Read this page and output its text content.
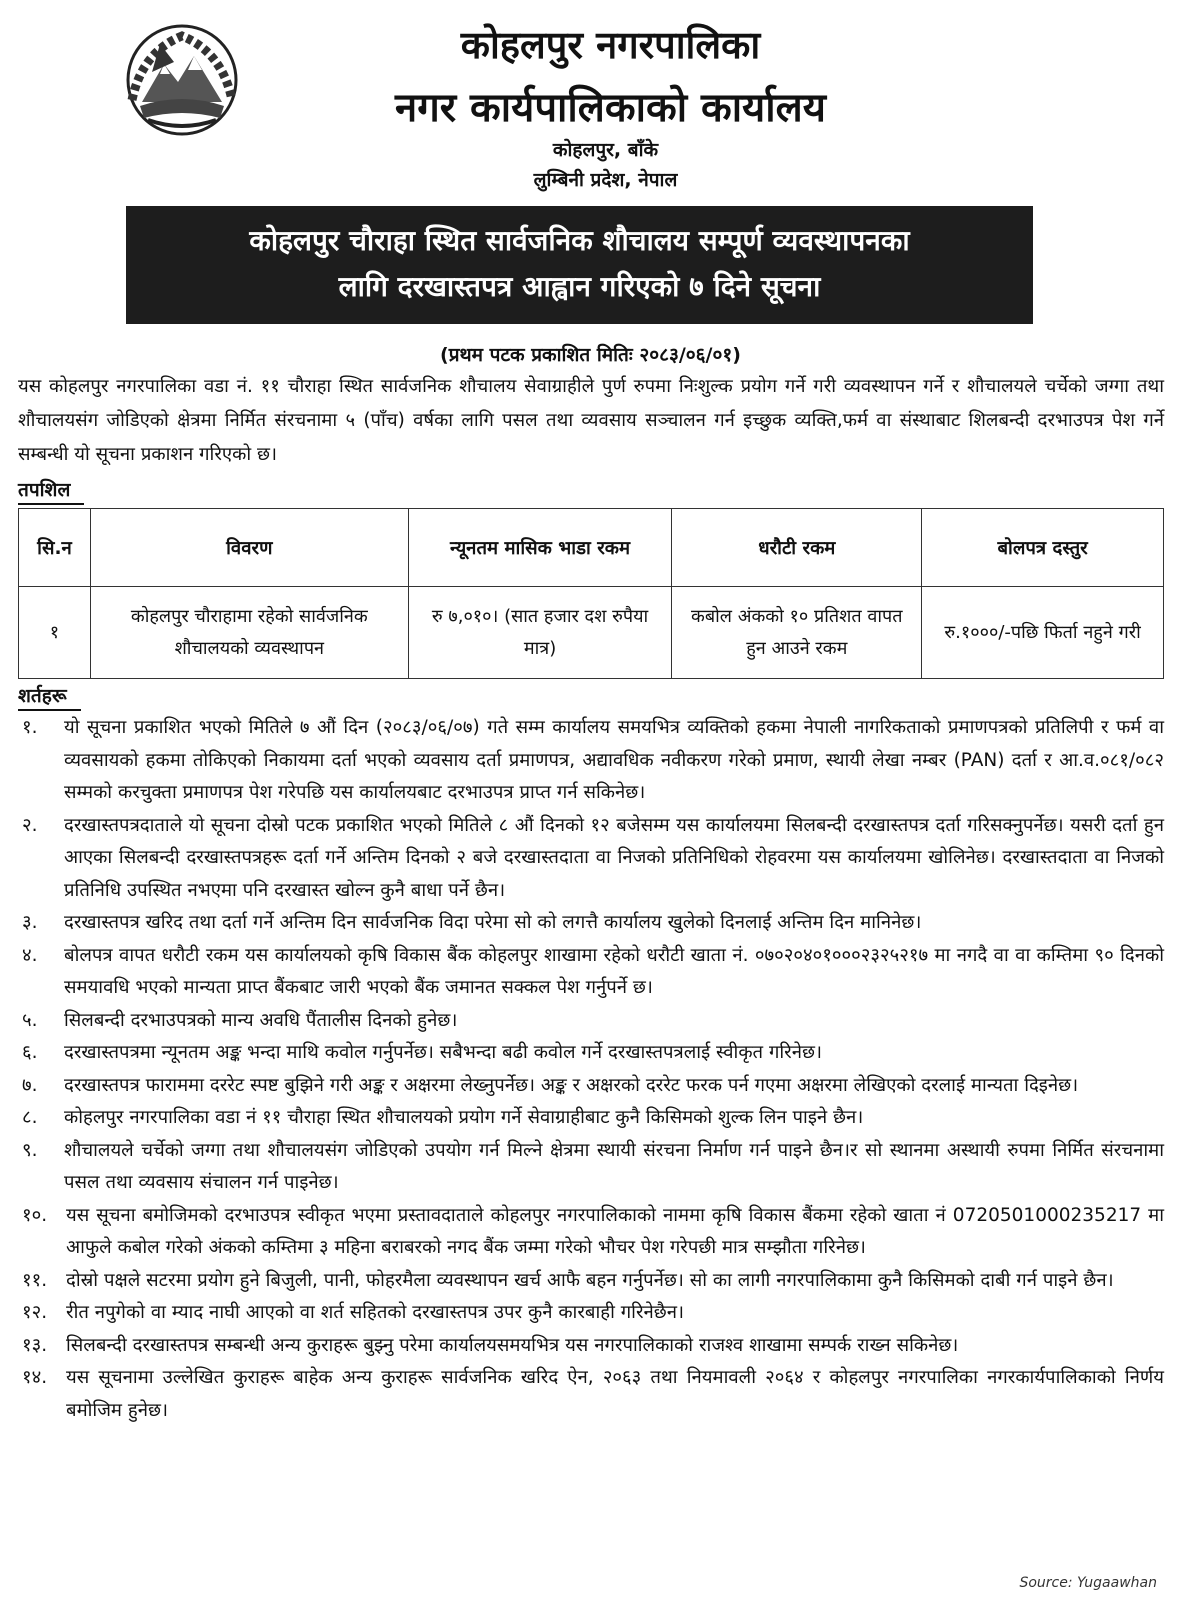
कोहलपुर नगरपालिका
नगर कार्यपालिकाको कार्यालय
कोहलपुर, बाँके
लुम्बिनी प्रदेश, नेपाल
कोहलपुर चौराहा स्थित सार्वजनिक शौचालय सम्पूर्ण व्यवस्थापनका
लागि दरखास्तपत्र आह्वान गरिएको ७ दिने सूचना
(प्रथम पटक प्रकाशित मितिः २०८३/०६/०१)

यस कोहलपुर नगरपालिका वडा नं. ११ चौराहा स्थित सार्वजनिक शौचालय सेवाग्राहीले पुर्ण रुपमा निःशुल्क प्रयोग गर्ने गरी व्यवस्थापन गर्ने र शौचालयले चर्चेको जग्गा तथा शौचालयसंग जोडिएको क्षेत्रमा निर्मित संरचनामा ५ (पाँच) वर्षका लागि पसल तथा व्यवसाय सञ्चालन गर्न इच्छुक व्यक्ति,फर्म वा संस्थाबाट शिलबन्दी दरभाउपत्र पेश गर्ने सम्बन्धी यो सूचना प्रकाशन गरिएको छ।

तपशिल
सि.न	विवरण	न्यूनतम मासिक भाडा रकम	धरौटी रकम	बोलपत्र दस्तुर
१	कोहलपुर चौराहामा रहेको सार्वजनिक शौचालयको व्यवस्थापन	रु ७,०१०। (सात हजार दश रुपैया मात्र)	कबोल अंकको १० प्रतिशत वापत हुन आउने रकम	रु.१०००/-पछि फिर्ता नहुने गरी
शर्तहरू
१. यो सूचना प्रकाशित भएको मितिले ७ औं दिन (२०८३/०६/०७) गते सम्म कार्यालय समयभित्र व्यक्तिको हकमा नेपाली नागरिकताको प्रमाणपत्रको प्रतिलिपी र फर्म वा व्यवसायको हकमा तोकिएको निकायमा दर्ता भएको व्यवसाय दर्ता प्रमाणपत्र, अद्यावधिक नवीकरण गरेको प्रमाण, स्थायी लेखा नम्बर (PAN) दर्ता र आ.व.०८१/०८२ सम्मको करचुक्ता प्रमाणपत्र पेश गरेपछि यस कार्यालयबाट दरभाउपत्र प्राप्त गर्न सकिनेछ।
२. दरखास्तपत्रदाताले यो सूचना दोस्रो पटक प्रकाशित भएको मितिले ८ औं दिनको १२ बजेसम्म यस कार्यालयमा सिलबन्दी दरखास्तपत्र दर्ता गरिसक्नुपर्नेछ। यसरी दर्ता हुन आएका सिलबन्दी दरखास्तपत्रहरू दर्ता गर्ने अन्तिम दिनको २ बजे दरखास्तदाता वा निजको प्रतिनिधिको रोहवरमा यस कार्यालयमा खोलिनेछ। दरखास्तदाता वा निजको प्रतिनिधि उपस्थित नभएमा पनि दरखास्त खोल्न कुनै बाधा पर्ने छैन।
३. दरखास्तपत्र खरिद तथा दर्ता गर्ने अन्तिम दिन सार्वजनिक विदा परेमा सो को लगत्तै कार्यालय खुलेको दिनलाई अन्तिम दिन मानिनेछ।
४. बोलपत्र वापत धरौटी रकम यस कार्यालयको कृषि विकास बैंक कोहलपुर शाखामा रहेको धरौटी खाता नं. ०७०२०४०१०००२३२५२१७ मा नगदै वा वा कम्तिमा ९० दिनको समयावधि भएको मान्यता प्राप्त बैंकबाट जारी भएको बैंक जमानत सक्कल पेश गर्नुपर्ने छ।
५. सिलबन्दी दरभाउपत्रको मान्य अवधि पैंतालीस दिनको हुनेछ।
६. दरखास्तपत्रमा न्यूनतम अङ्क भन्दा माथि कवोल गर्नुपर्नेछ। सबैभन्दा बढी कवोल गर्ने दरखास्तपत्रलाई स्वीकृत गरिनेछ।
७. दरखास्तपत्र फाराममा दररेट स्पष्ट बुझिने गरी अङ्क र अक्षरमा लेख्नुपर्नेछ। अङ्क र अक्षरको दररेट फरक पर्न गएमा अक्षरमा लेखिएको दरलाई मान्यता दिइनेछ।
८. कोहलपुर नगरपालिका वडा नं ११ चौराहा स्थित शौचालयको प्रयोग गर्ने सेवाग्राहीबाट कुनै किसिमको शुल्क लिन पाइने छैन।
९. शौचालयले चर्चेको जग्गा तथा शौचालयसंग जोडिएको उपयोग गर्न मिल्ने क्षेत्रमा स्थायी संरचना निर्माण गर्न पाइने छैन।र सो स्थानमा अस्थायी रुपमा निर्मित संरचनामा पसल तथा व्यवसाय संचालन गर्न पाइनेछ।
१०. यस सूचना बमोजिमको दरभाउपत्र स्वीकृत भएमा प्रस्तावदाताले कोहलपुर नगरपालिकाको नाममा कृषि विकास बैंकमा रहेको खाता नं 0720501000235217 मा आफुले कबोल गरेको अंकको कम्तिमा ३ महिना बराबरको नगद बैंक जम्मा गरेको भौचर पेश गरेपछी मात्र सम्झौता गरिनेछ।
११. दोस्रो पक्षले सटरमा प्रयोग हुने बिजुली, पानी, फोहरमैला व्यवस्थापन खर्च आफै बहन गर्नुपर्नेछ। सो का लागी नगरपालिकामा कुनै किसिमको दाबी गर्न पाइने छैन।
१२. रीत नपुगेको वा म्याद नाघी आएको वा शर्त सहितको दरखास्तपत्र उपर कुनै कारबाही गरिनेछैन।
१३. सिलबन्दी दरखास्तपत्र सम्बन्धी अन्य कुराहरू बुझ्नु परेमा कार्यालयसमयभित्र यस नगरपालिकाको राजश्व शाखामा सम्पर्क राख्न सकिनेछ।
१४. यस सूचनामा उल्लेखित कुराहरू बाहेक अन्य कुराहरू सार्वजनिक खरिद ऐन, २०६३ तथा नियमावली २०६४ र कोहलपुर नगरपालिका नगरकार्यपालिकाको निर्णय बमोजिम हुनेछ।
Source: Yugaawhan
